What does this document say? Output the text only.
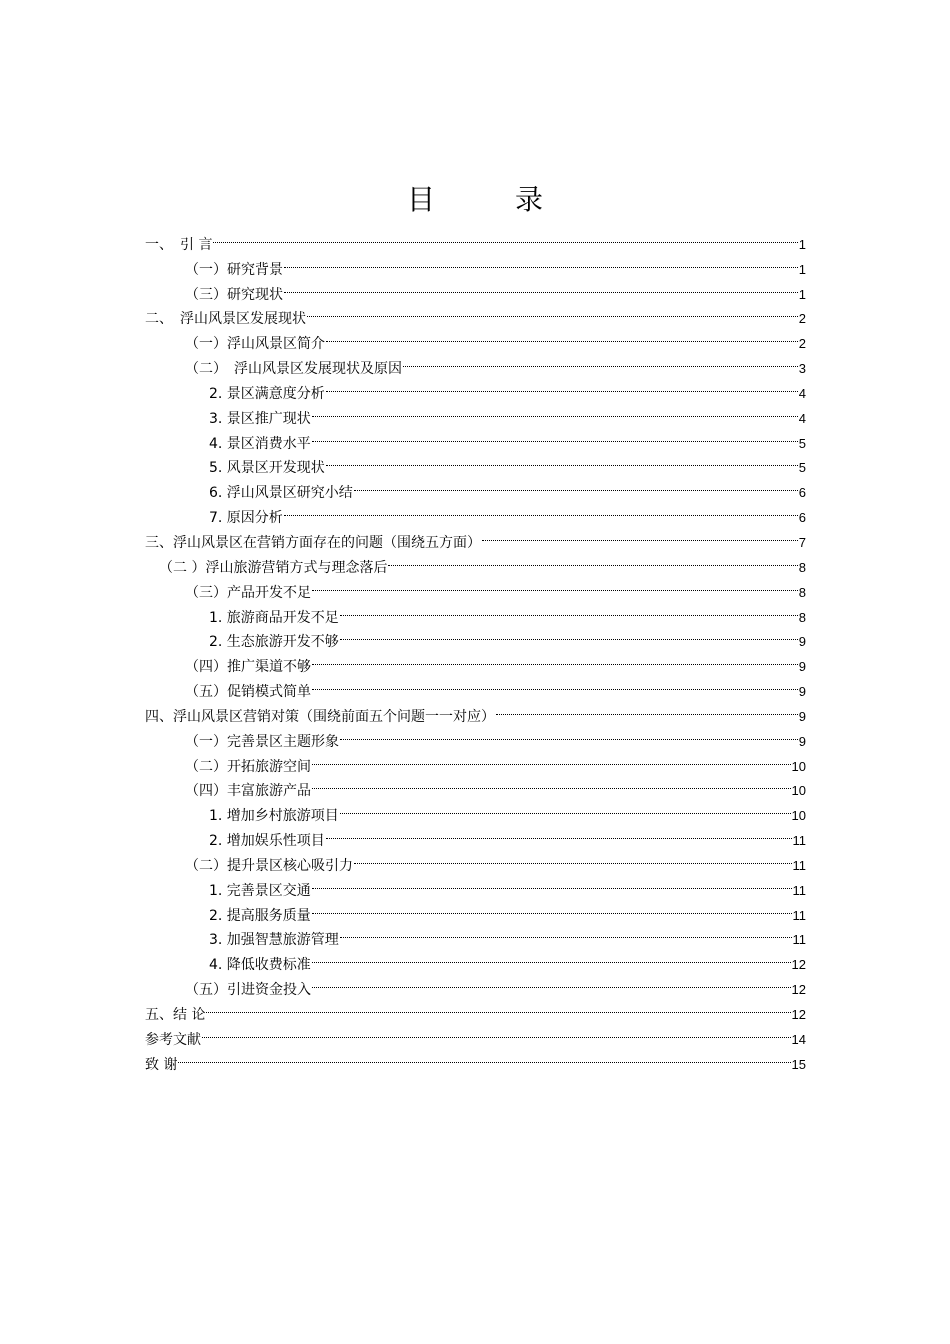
目　录
一、　引 言	1
（一）研究背景	1
（三）研究现状	1
二、　浮山风景区发展现状	2
（一）浮山风景区简介	2
（二）　浮山风景区发展现状及原因	3
2. 景区满意度分析	4
3. 景区推广现状	4
4. 景区消费水平	5
5. 风景区开发现状	5
6. 浮山风景区研究小结	6
7. 原因分析	6
三、浮山风景区在营销方面存在的问题（围绕五方面）	7
（二 ）浮山旅游营销方式与理念落后	8
（三）产品开发不足	8
1. 旅游商品开发不足	8
2. 生态旅游开发不够	9
（四）推广渠道不够	9
（五）促销模式简单	9
四、浮山风景区营销对策（围绕前面五个问题一一对应）	9
（一）完善景区主题形象	9
（二）开拓旅游空间	10
（四）丰富旅游产品	10
1. 增加乡村旅游项目	10
2. 增加娱乐性项目	11
（二）提升景区核心吸引力	11
1. 完善景区交通	11
2. 提高服务质量	11
3. 加强智慧旅游管理	11
4. 降低收费标准	12
（五）引进资金投入	12
五、结 论	12
参考文献	14
致 谢	15
